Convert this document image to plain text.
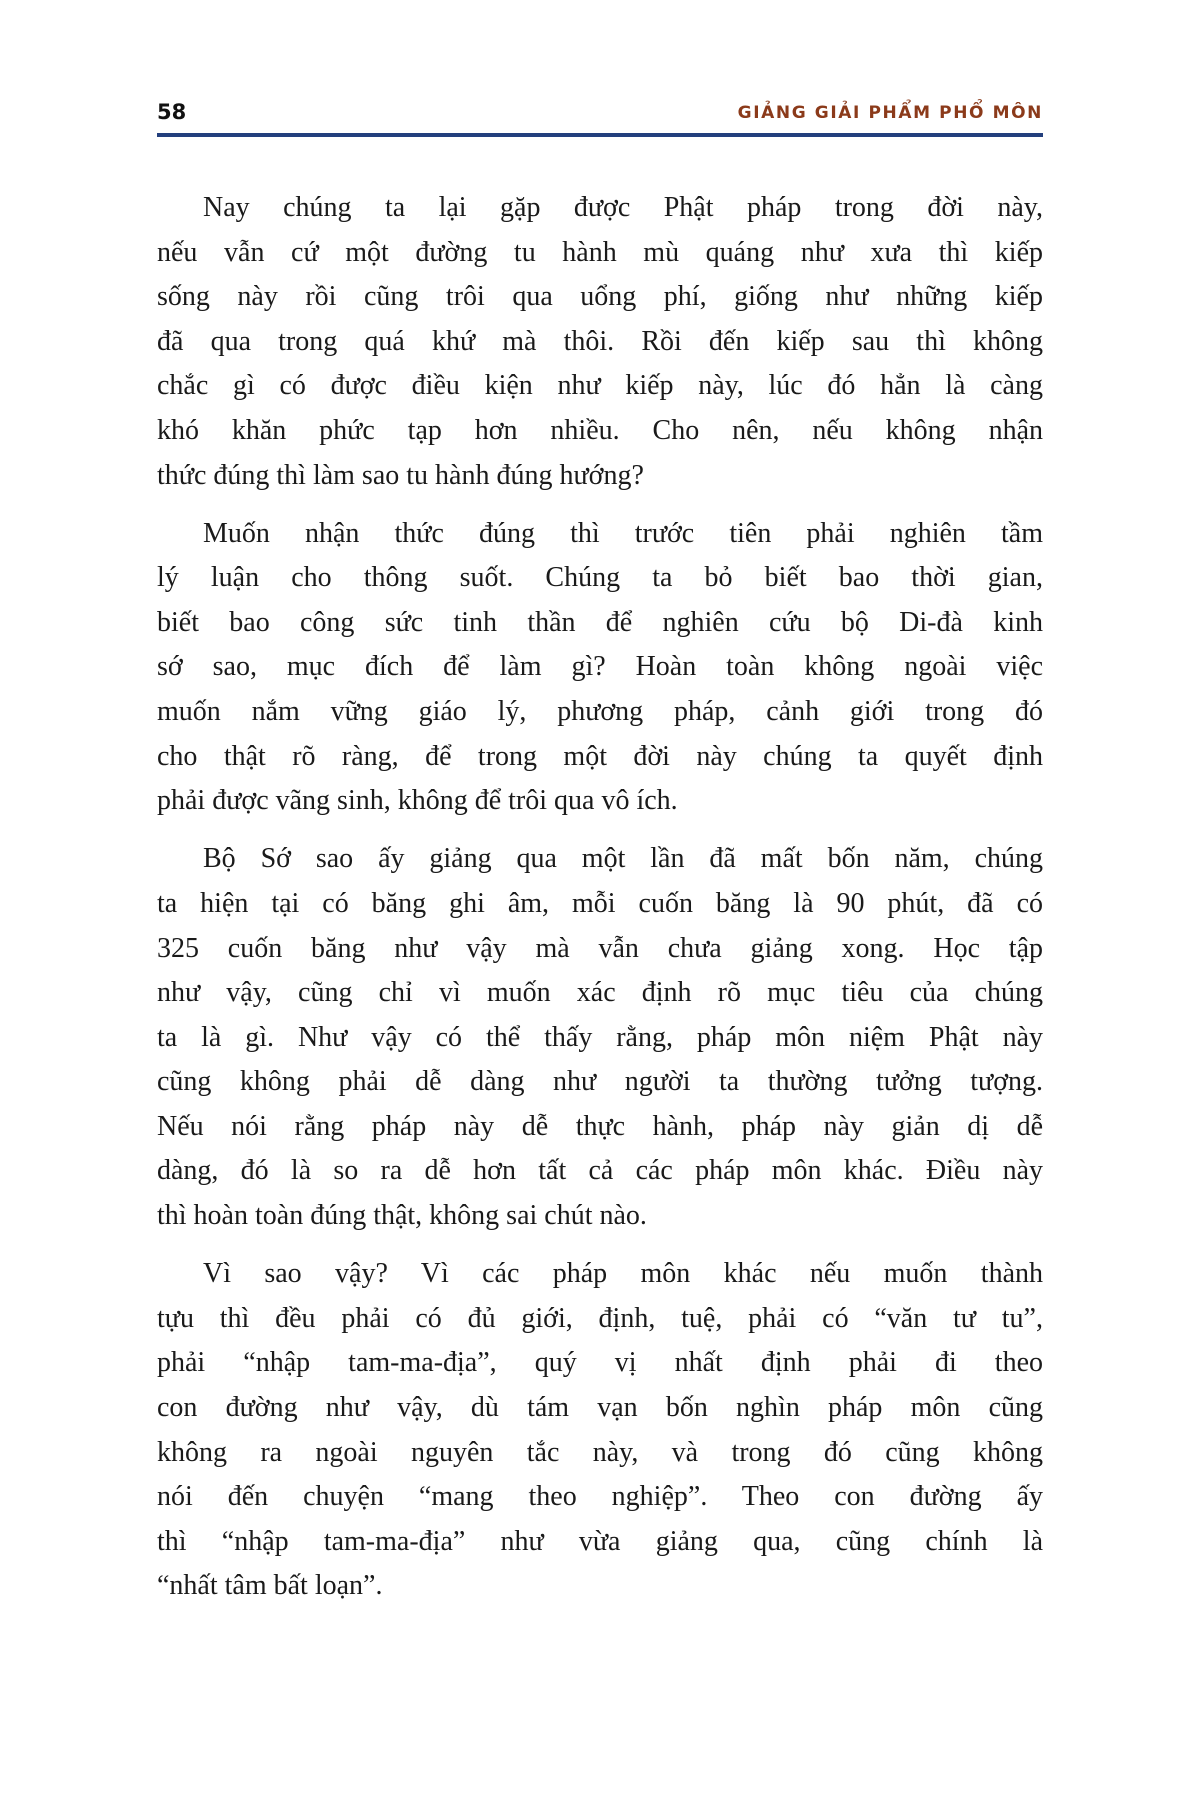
58	GIẢNG GIẢI PHẨM PHỔ MÔN
Nay chúng ta lại gặp được Phật pháp trong đời này,
nếu vẫn cứ một đường tu hành mù quáng như xưa thì kiếp
sống này rồi cũng trôi qua uổng phí, giống như những kiếp
đã qua trong quá khứ mà thôi. Rồi đến kiếp sau thì không
chắc gì có được điều kiện như kiếp này, lúc đó hẳn là càng
khó khăn phức tạp hơn nhiều. Cho nên, nếu không nhận
thức đúng thì làm sao tu hành đúng hướng?
Muốn nhận thức đúng thì trước tiên phải nghiên tầm
lý luận cho thông suốt. Chúng ta bỏ biết bao thời gian,
biết bao công sức tinh thần để nghiên cứu bộ Di-đà kinh
sớ sao, mục đích để làm gì? Hoàn toàn không ngoài việc
muốn nắm vững giáo lý, phương pháp, cảnh giới trong đó
cho thật rõ ràng, để trong một đời này chúng ta quyết định
phải được vãng sinh, không để trôi qua vô ích.
Bộ Sớ sao ấy giảng qua một lần đã mất bốn năm, chúng
ta hiện tại có băng ghi âm, mỗi cuốn băng là 90 phút, đã có
325 cuốn băng như vậy mà vẫn chưa giảng xong. Học tập
như vậy, cũng chỉ vì muốn xác định rõ mục tiêu của chúng
ta là gì. Như vậy có thể thấy rằng, pháp môn niệm Phật này
cũng không phải dễ dàng như người ta thường tưởng tượng.
Nếu nói rằng pháp này dễ thực hành, pháp này giản dị dễ
dàng, đó là so ra dễ hơn tất cả các pháp môn khác. Điều này
thì hoàn toàn đúng thật, không sai chút nào.
Vì sao vậy? Vì các pháp môn khác nếu muốn thành
tựu thì đều phải có đủ giới, định, tuệ, phải có “văn tư tu”,
phải “nhập tam-ma-địa”, quý vị nhất định phải đi theo
con đường như vậy, dù tám vạn bốn nghìn pháp môn cũng
không ra ngoài nguyên tắc này, và trong đó cũng không
nói đến chuyện “mang theo nghiệp”. Theo con đường ấy
thì “nhập tam-ma-địa” như vừa giảng qua, cũng chính là
“nhất tâm bất loạn”.
